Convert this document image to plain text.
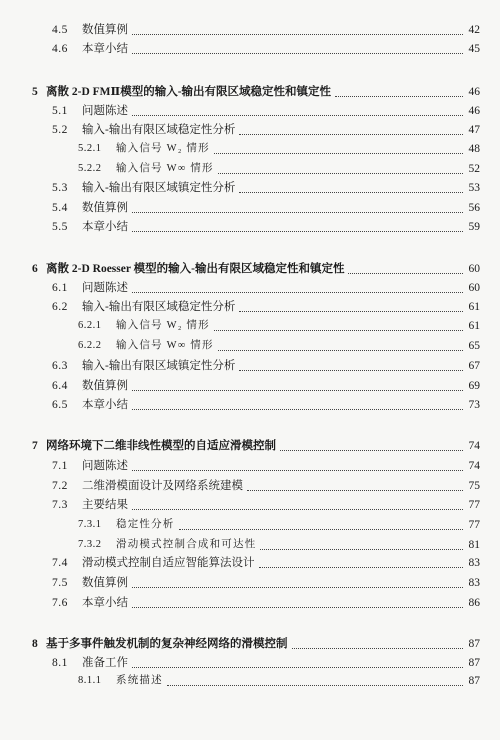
4.5	数值算例	42
4.6	本章小结	45
5 离散 2-D FMⅡ模型的输入-输出有限区域稳定性和镇定性	46
5.1	问题陈述	46
5.2	输入-输出有限区域稳定性分析	47
5.2.1	输入信号 W₂ 情形	48
5.2.2	输入信号 W∞ 情形	52
5.3	输入-输出有限区域镇定性分析	53
5.4	数值算例	56
5.5	本章小结	59
6 离散 2-D Roesser 模型的输入-输出有限区域稳定性和镇定性	60
6.1	问题陈述	60
6.2	输入-输出有限区域稳定性分析	61
6.2.1	输入信号 W₂ 情形	61
6.2.2	输入信号 W∞ 情形	65
6.3	输入-输出有限区域镇定性分析	67
6.4	数值算例	69
6.5	本章小结	73
7 网络环境下二维非线性模型的自适应滑模控制	74
7.1	问题陈述	74
7.2	二维滑模面设计及网络系统建模	75
7.3	主要结果	77
7.3.1	稳定性分析	77
7.3.2	滑动模式控制合成和可达性	81
7.4	滑动模式控制自适应智能算法设计	83
7.5	数值算例	83
7.6	本章小结	86
8 基于多事件触发机制的复杂神经网络的滑模控制	87
8.1	准备工作	87
8.1.1	系统描述	87
